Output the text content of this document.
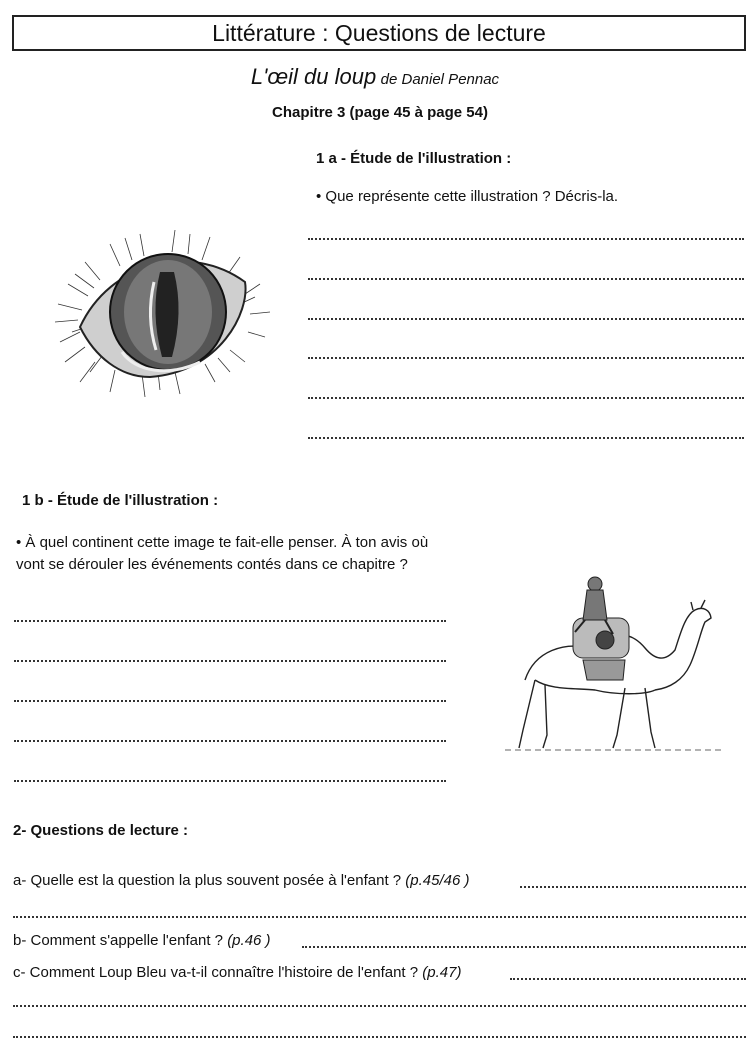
Littérature : Questions de lecture
L'œil du loup de Daniel Pennac
Chapitre 3 (page 45 à page 54)
1 a - Étude de l'illustration :
• Que représente cette illustration ? Décris-la.
1 b - Étude de l'illustration :
• À quel continent cette image te fait-elle penser. À ton avis où vont se dérouler les événements contés dans ce chapitre ?
2- Questions de lecture :
a- Quelle est la question la plus souvent posée à l'enfant ? (p.45/46 )
b- Comment s'appelle l'enfant ? (p.46 )
c- Comment Loup Bleu va-t-il connaître l'histoire de l'enfant ? (p.47)
